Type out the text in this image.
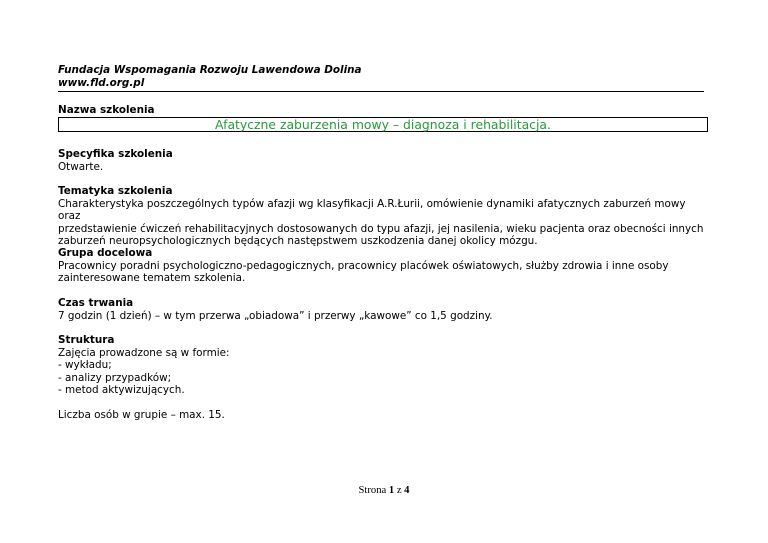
Fundacja Wspomagania Rozwoju Lawendowa Dolina
www.fld.org.pl
Nazwa szkolenia
Afatyczne zaburzenia mowy – diagnoza i rehabilitacja.
Specyfika szkolenia
Otwarte.
Tematyka szkolenia
Charakterystyka poszczególnych typów afazji wg klasyfikacji A.R.Łurii, omówienie dynamiki afatycznych zaburzeń mowy oraz
przedstawienie ćwiczeń rehabilitacyjnych dostosowanych do typu afazji, jej nasilenia, wieku pacjenta oraz obecności innych
zaburzeń neuropsychologicznych będących następstwem uszkodzenia danej okolicy mózgu.
Grupa docelowa
Pracownicy poradni psychologiczno-pedagogicznych, pracownicy placówek oświatowych, służby zdrowia i inne osoby
zainteresowane tematem szkolenia.
Czas trwania
7 godzin (1 dzień) – w tym przerwa „obiadowa” i przerwy „kawowe” co 1,5 godziny.
Struktura
Zajęcia prowadzone są w formie:
- wykładu;
- analizy przypadków;
- metod aktywizujących.
Liczba osób w grupie – max. 15.
Strona 1 z 4
